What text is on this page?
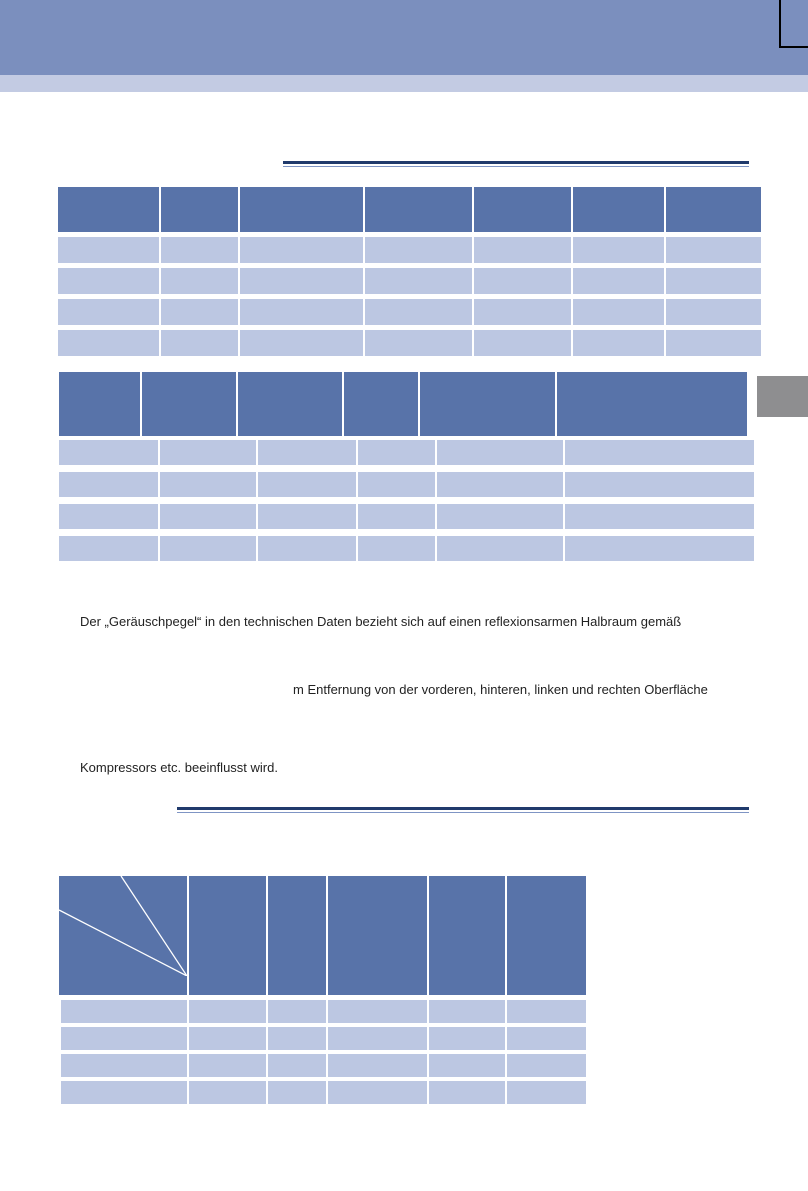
Der „Geräuschpegel“ in den technischen Daten bezieht sich auf einen reflexionsarmen Halbraum gemäß
m Entfernung von der vorderen, hinteren, linken und rechten Oberfläche
Kompressors etc. beeinflusst wird.
